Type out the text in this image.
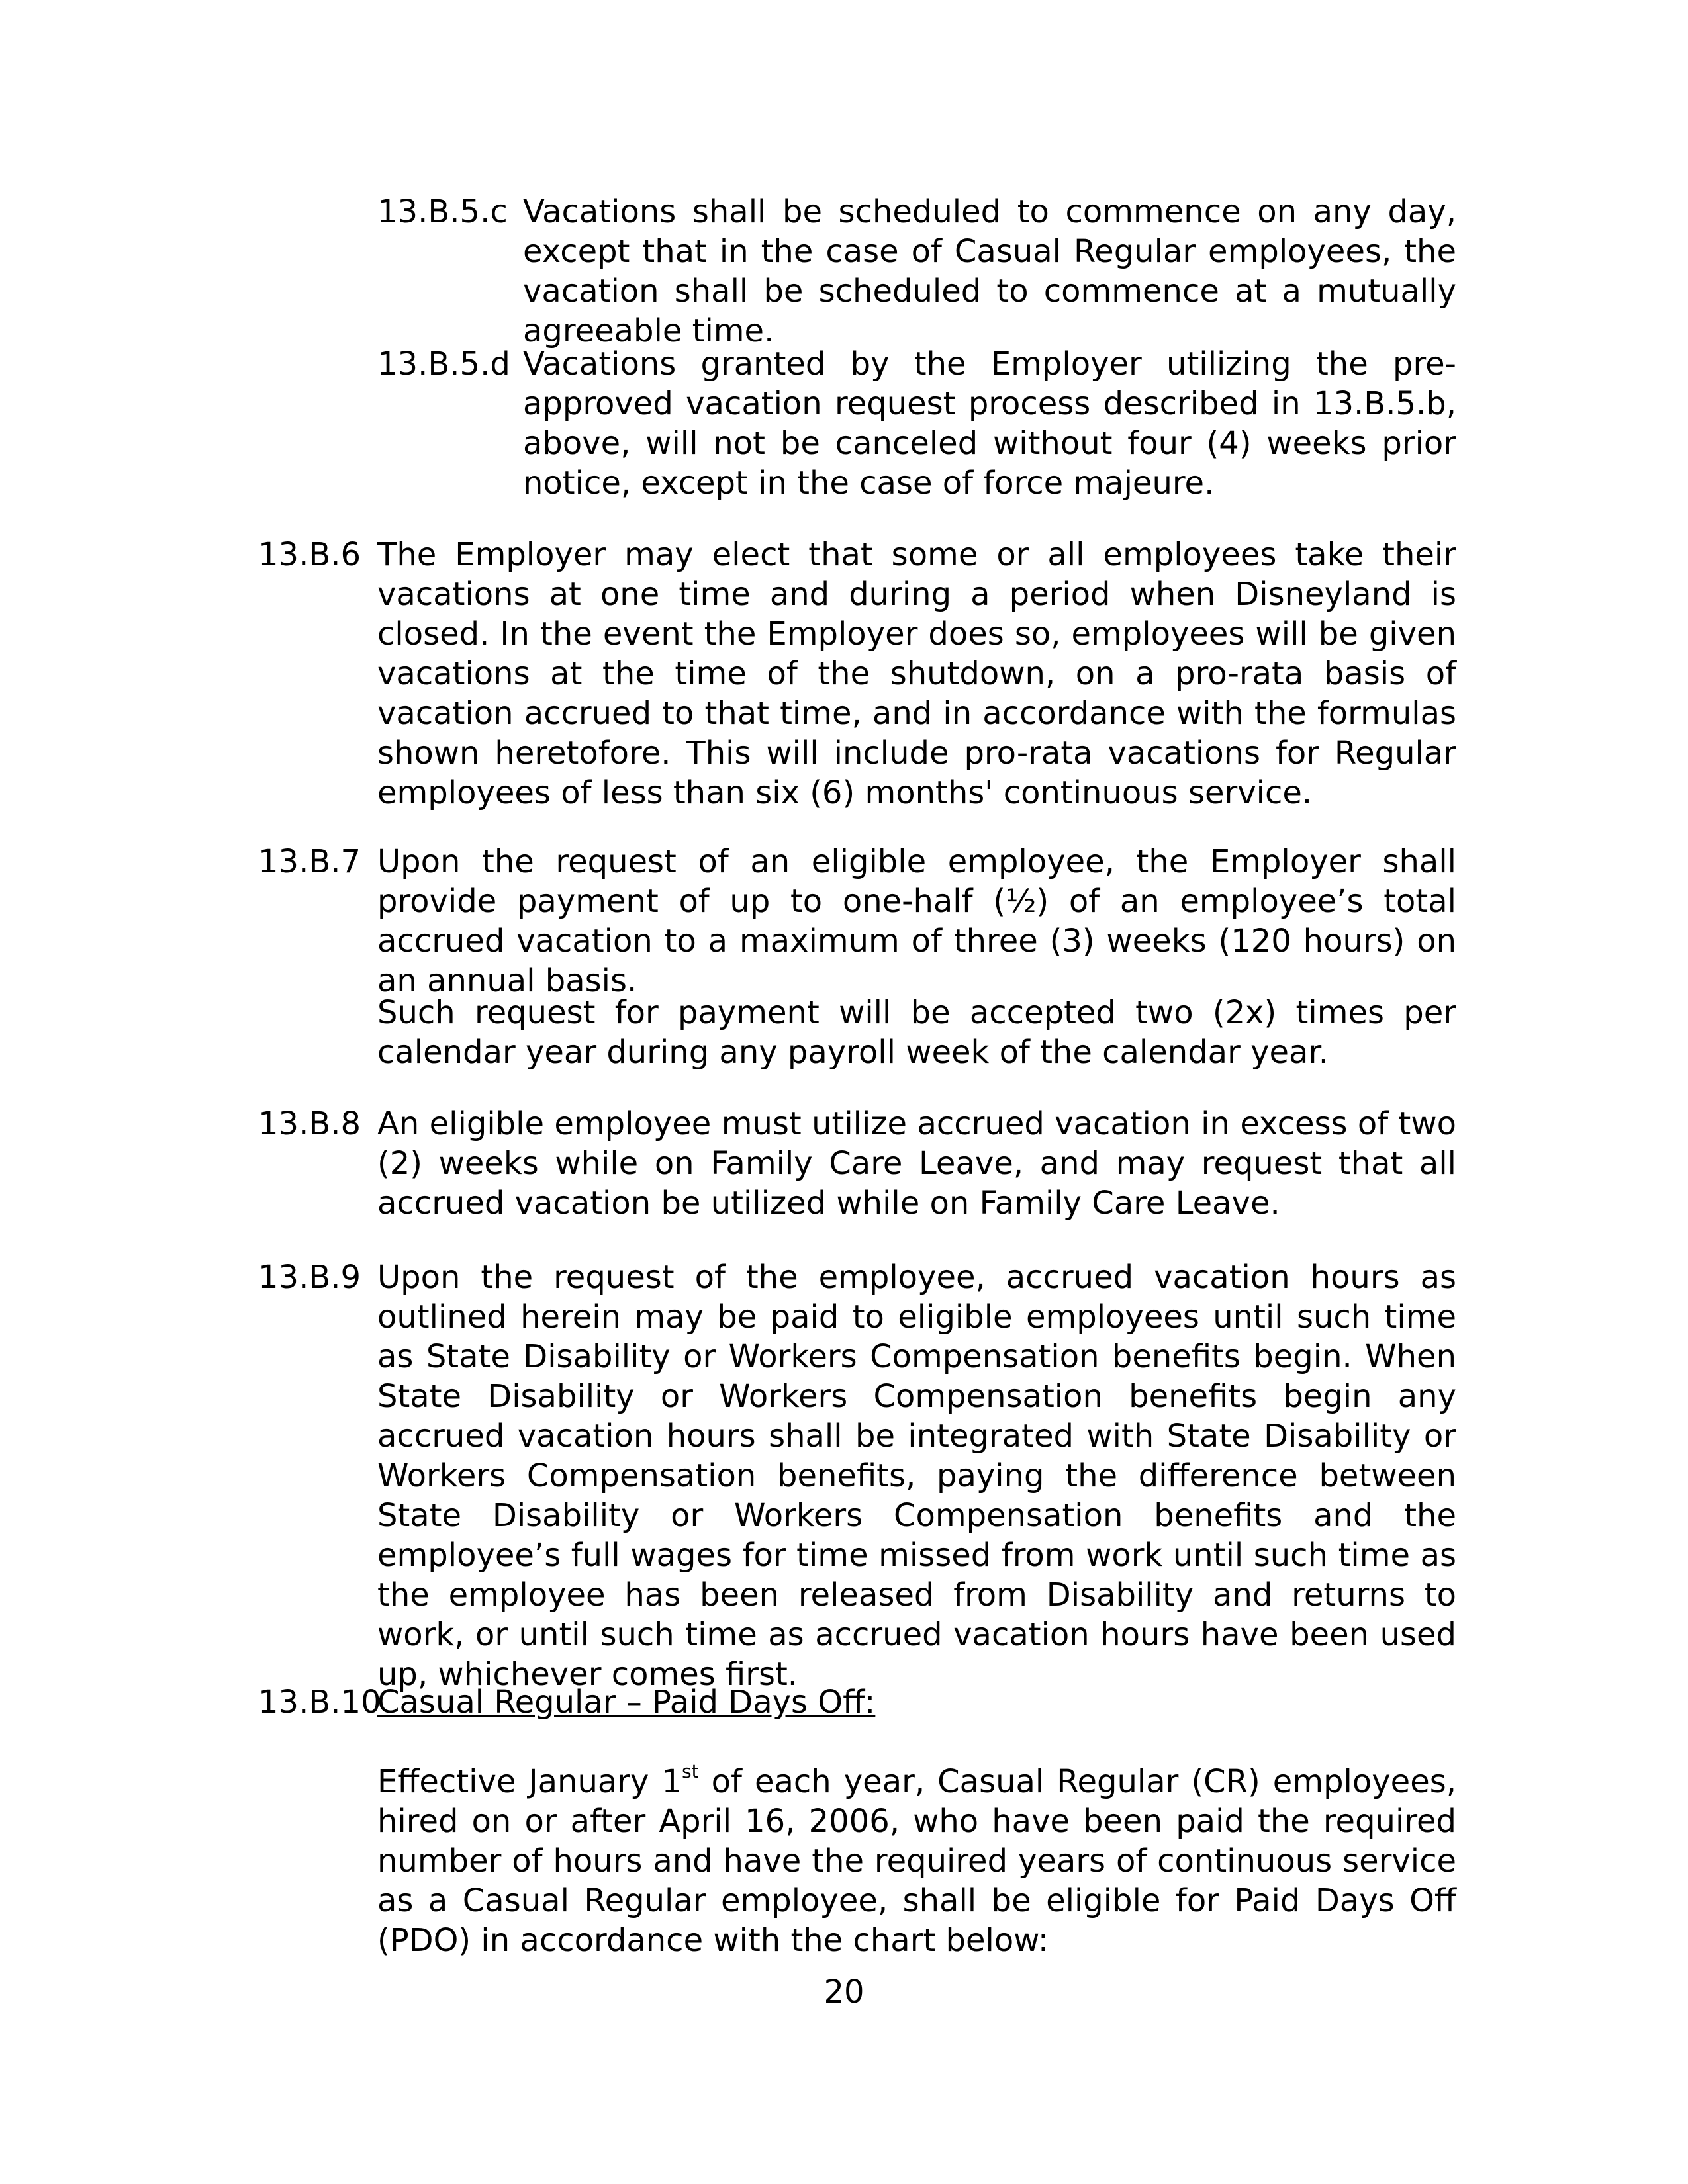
13.B.5.c Vacations shall be scheduled to commence on any day, except that in the case of Casual Regular employees, the vacation shall be scheduled to commence at a mutually agreeable time.

13.B.5.d Vacations granted by the Employer utilizing the pre-approved vacation request process described in 13.B.5.b, above, will not be canceled without four (4) weeks prior notice, except in the case of force majeure.

13.B.6 The Employer may elect that some or all employees take their vacations at one time and during a period when Disneyland is closed. In the event the Employer does so, employees will be given vacations at the time of the shutdown, on a pro-rata basis of vacation accrued to that time, and in accordance with the formulas shown heretofore. This will include pro-rata vacations for Regular employees of less than six (6) months' continuous service.

13.B.7 Upon the request of an eligible employee, the Employer shall provide payment of up to one-half (½) of an employee’s total accrued vacation to a maximum of three (3) weeks (120 hours) on an annual basis.

Such request for payment will be accepted two (2x) times per calendar year during any payroll week of the calendar year.

13.B.8 An eligible employee must utilize accrued vacation in excess of two (2) weeks while on Family Care Leave, and may request that all accrued vacation be utilized while on Family Care Leave.

13.B.9 Upon the request of the employee, accrued vacation hours as outlined herein may be paid to eligible employees until such time as State Disability or Workers Compensation benefits begin. When State Disability or Workers Compensation benefits begin any accrued vacation hours shall be integrated with State Disability or Workers Compensation benefits, paying the difference between State Disability or Workers Compensation benefits and the employee’s full wages for time missed from work until such time as the employee has been released from Disability and returns to work, or until such time as accrued vacation hours have been used up, whichever comes first.

13.B.10

Casual Regular – Paid Days Off:

Effective January 1st of each year, Casual Regular (CR) employees, hired on or after April 16, 2006, who have been paid the required number of hours and have the required years of continuous service as a Casual Regular employee, shall be eligible for Paid Days Off (PDO) in accordance with the chart below:

20
